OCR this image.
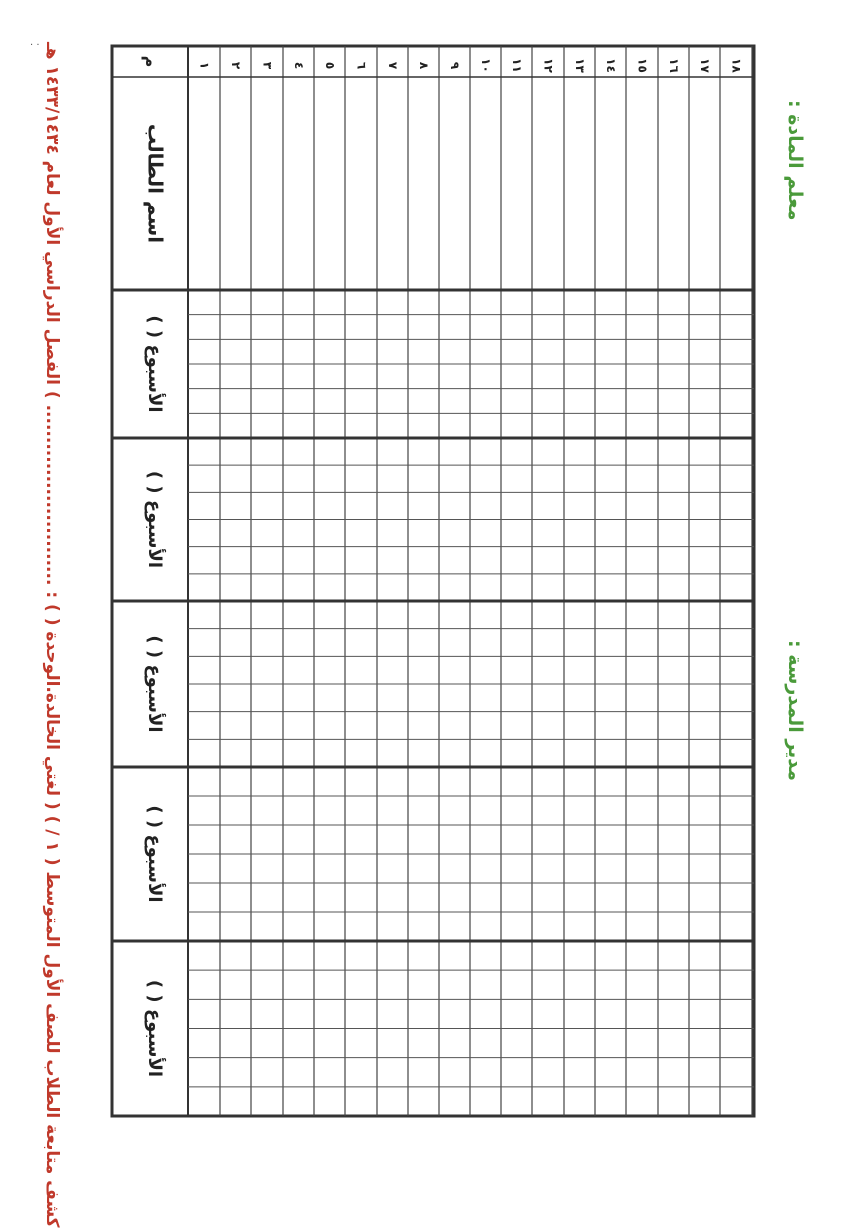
· · كشف متابعة الطلاب للصف الأول المتوسط ( ١ / ) ( لغتي الخالدة.الوحدة ( ) : ............................ ) الفصل الدراسي الأول لعام ١٤٣٣/١٤٣٤ هـ
الأسبوع ( )
الأسبوع ( )
الأسبوع ( )
الأسبوع ( )
الأسبوع ( )
م
اسم الطالب
١ ٢ ٣ ٤ ٥ ٦ ٧ ٨ ٩ ١٠ ١١ ١٢ ١٣ ١٤ ١٥ ١٦ ١٧ ١٨
معلم المادة :
مدير المدرسة :
